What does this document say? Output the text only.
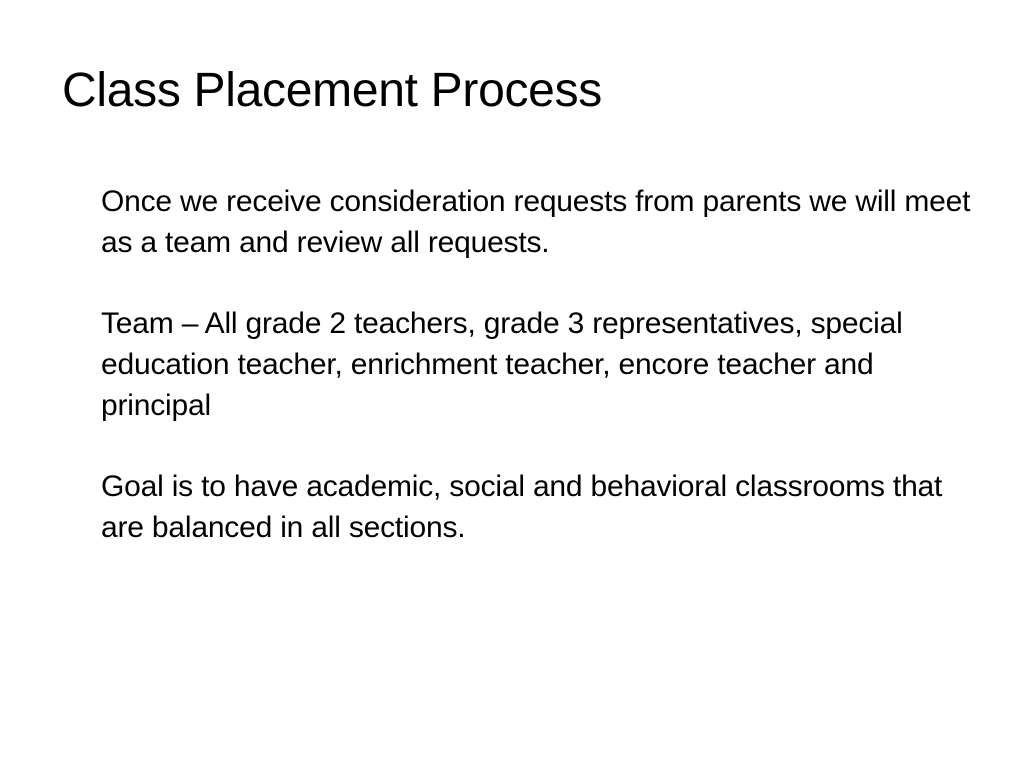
Class Placement Process

Once we receive consideration requests from parents we will meet as a team and review all requests.

Team – All grade 2 teachers, grade 3 representatives, special education teacher, enrichment teacher, encore teacher and principal

Goal is to have academic, social and behavioral classrooms that are balanced in all sections.
